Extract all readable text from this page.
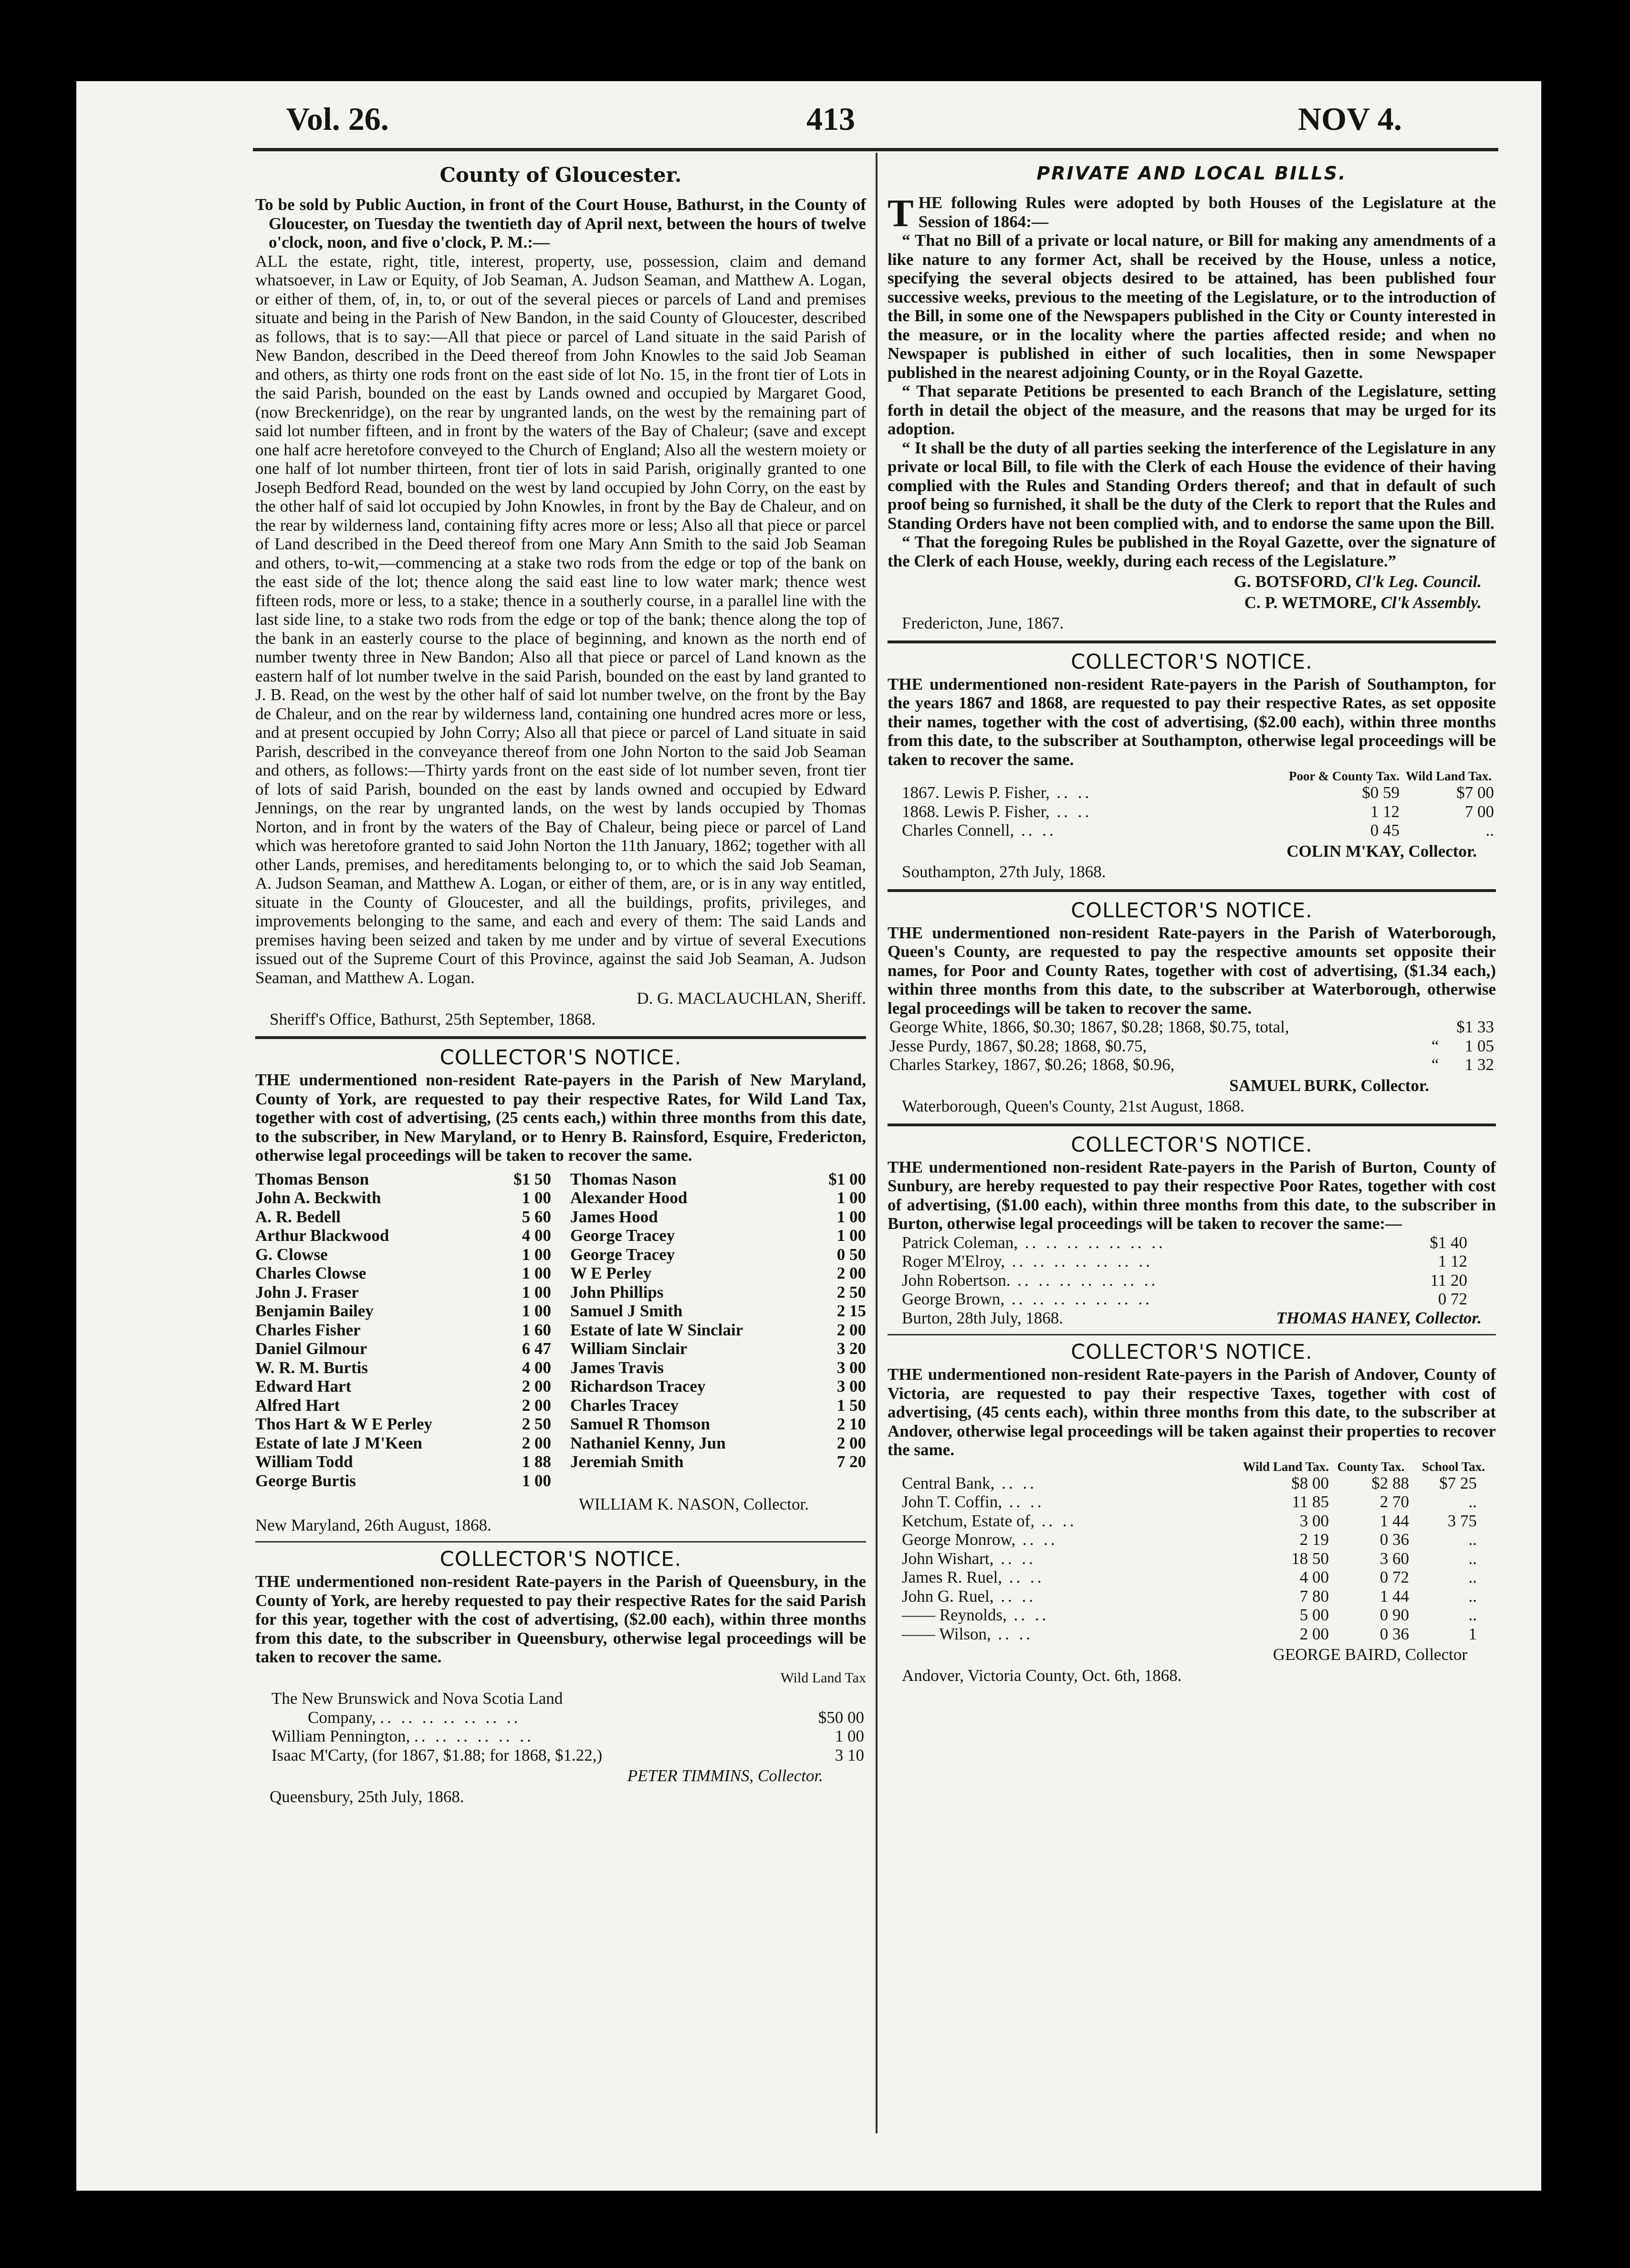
Vol. 26.	413	NOV 4.
County of Gloucester.

To be sold by Public Auction, in front of the Court House, Bathurst, in the County of Gloucester, on Tuesday the twentieth day of April next, between the hours of twelve o'clock, noon, and five o'clock, P. M.:—

ALL the estate, right, title, interest, property, use, possession, claim and demand whatsoever, in Law or Equity, of Job Seaman, A. Judson Seaman, and Matthew A. Logan, or either of them, of, in, to, or out of the several pieces or parcels of Land and premises situate and being in the Parish of New Bandon, in the said County of Gloucester, described as follows, that is to say:—All that piece or parcel of Land situate in the said Parish of New Bandon, described in the Deed thereof from John Knowles to the said Job Seaman and others, as thirty one rods front on the east side of lot No. 15, in the front tier of Lots in the said Parish, bounded on the east by Lands owned and occupied by Margaret Good, (now Breckenridge), on the rear by ungranted lands, on the west by the remaining part of said lot number fifteen, and in front by the waters of the Bay of Chaleur; (save and except one half acre heretofore conveyed to the Church of England; Also all the western moiety or one half of lot number thirteen, front tier of lots in said Parish, originally granted to one Joseph Bedford Read, bounded on the west by land occupied by John Corry, on the east by the other half of said lot occupied by John Knowles, in front by the Bay de Chaleur, and on the rear by wilderness land, containing fifty acres more or less; Also all that piece or parcel of Land described in the Deed thereof from one Mary Ann Smith to the said Job Seaman and others, to-wit,—commencing at a stake two rods from the edge or top of the bank on the east side of the lot; thence along the said east line to low water mark; thence west fifteen rods, more or less, to a stake; thence in a southerly course, in a parallel line with the last side line, to a stake two rods from the edge or top of the bank; thence along the top of the bank in an easterly course to the place of beginning, and known as the north end of number twenty three in New Bandon; Also all that piece or parcel of Land known as the eastern half of lot number twelve in the said Parish, bounded on the east by land granted to J. B. Read, on the west by the other half of said lot number twelve, on the front by the Bay de Chaleur, and on the rear by wilderness land, containing one hundred acres more or less, and at present occupied by John Corry; Also all that piece or parcel of Land situate in said Parish, described in the conveyance thereof from one John Norton to the said Job Seaman and others, as follows:—Thirty yards front on the east side of lot number seven, front tier of lots of said Parish, bounded on the east by lands owned and occupied by Edward Jennings, on the rear by ungranted lands, on the west by lands occupied by Thomas Norton, and in front by the waters of the Bay of Chaleur, being piece or parcel of Land which was heretofore granted to said John Norton the 11th January, 1862; together with all other Lands, premises, and hereditaments belonging to, or to which the said Job Seaman, A. Judson Seaman, and Matthew A. Logan, or either of them, are, or is in any way entitled, situate in the County of Gloucester, and all the buildings, profits, privileges, and improvements belonging to the same, and each and every of them: The said Lands and premises having been seized and taken by me under and by virtue of several Executions issued out of the Supreme Court of this Province, against the said Job Seaman, A. Judson Seaman, and Matthew A. Logan.

D. G. MACLAUCHLAN, Sheriff.

Sheriff's Office, Bathurst, 25th September, 1868.

COLLECTOR'S NOTICE.

THE undermentioned non-resident Rate-payers in the Parish of New Maryland, County of York, are requested to pay their respective Rates, for Wild Land Tax, together with cost of advertising, (25 cents each,) within three months from this date, to the subscriber, in New Maryland, or to Henry B. Rainsford, Esquire, Fredericton, otherwise legal proceedings will be taken to recover the same.

Thomas Benson	$1 50
John A. Beckwith	1 00
A. R. Bedell	5 60
Arthur Blackwood	4 00
G. Clowse	1 00
Charles Clowse	1 00
John J. Fraser	1 00
Benjamin Bailey	1 00
Charles Fisher	1 60
Daniel Gilmour	6 47
W. R. M. Burtis	4 00
Edward Hart	2 00
Alfred Hart	2 00
Thos Hart & W E Perley	2 50
Estate of late J M'Keen	2 00
William Todd	1 88
George Burtis	1 00
Thomas Nason	$1 00
Alexander Hood	1 00
James Hood	1 00
George Tracey	1 00
George Tracey	0 50
W E Perley	2 00
John Phillips	2 50
Samuel J Smith	2 15
Estate of late W Sinclair	2 00
William Sinclair	3 20
James Travis	3 00
Richardson Tracey	3 00
Charles Tracey	1 50
Samuel R Thomson	2 10
Nathaniel Kenny, Jun	2 00
Jeremiah Smith	7 20

WILLIAM K. NASON, Collector.

New Maryland, 26th August, 1868.

COLLECTOR'S NOTICE.

THE undermentioned non-resident Rate-payers in the Parish of Queensbury, in the County of York, are hereby requested to pay their respective Rates for the said Parish for this year, together with the cost of advertising, ($2.00 each), within three months from this date, to the subscriber in Queensbury, otherwise legal proceedings will be taken to recover the same.

Wild Land Tax

The New Brunswick and Nova Scotia Land	
Company, .. .. .. .. .. .. ..	$50 00
William Pennington, .. .. .. .. .. ..	1 00
Isaac M'Carty, (for 1867, $1.88; for 1868, $1.22,)	3 10

PETER TIMMINS, Collector.

Queensbury, 25th July, 1868.

PRIVATE AND LOCAL BILLS.

THE following Rules were adopted by both Houses of the Legislature at the Session of 1864:—

“ That no Bill of a private or local nature, or Bill for making any amendments of a like nature to any former Act, shall be received by the House, unless a notice, specifying the several objects desired to be attained, has been published four successive weeks, previous to the meeting of the Legislature, or to the introduction of the Bill, in some one of the Newspapers published in the City or County interested in the measure, or in the locality where the parties affected reside; and when no Newspaper is published in either of such localities, then in some Newspaper published in the nearest adjoining County, or in the Royal Gazette.

“ That separate Petitions be presented to each Branch of the Legislature, setting forth in detail the object of the measure, and the reasons that may be urged for its adoption.

“ It shall be the duty of all parties seeking the interference of the Legislature in any private or local Bill, to file with the Clerk of each House the evidence of their having complied with the Rules and Standing Orders thereof; and that in default of such proof being so furnished, it shall be the duty of the Clerk to report that the Rules and Standing Orders have not been complied with, and to endorse the same upon the Bill.

“ That the foregoing Rules be published in the Royal Gazette, over the signature of the Clerk of each House, weekly, during each recess of the Legislature.”

G. BOTSFORD, Cl'k Leg. Council.

C. P. WETMORE, Cl'k Assembly.

Fredericton, June, 1867.

COLLECTOR'S NOTICE.

THE undermentioned non-resident Rate-payers in the Parish of Southampton, for the years 1867 and 1868, are requested to pay their respective Rates, as set opposite their names, together with the cost of advertising, ($2.00 each), within three months from this date, to the subscriber at Southampton, otherwise legal proceedings will be taken to recover the same.

	Poor & County Tax.	Wild Land Tax.
1867. Lewis P. Fisher, .. ..	$0 59	$7 00
1868. Lewis P. Fisher, .. ..	1 12	7 00
Charles Connell, .. ..	0 45	..

COLIN M'KAY, Collector.

Southampton, 27th July, 1868.

COLLECTOR'S NOTICE.

THE undermentioned non-resident Rate-payers in the Parish of Waterborough, Queen's County, are requested to pay the respective amounts set opposite their names, for Poor and County Rates, together with cost of advertising, ($1.34 each,) within three months from this date, to the subscriber at Waterborough, otherwise legal proceedings will be taken to recover the same.

George White, 1866, $0.30; 1867, $0.28; 1868, $0.75, total,		$1 33
Jesse Purdy, 1867, $0.28; 1868, $0.75,	“	1 05
Charles Starkey, 1867, $0.26; 1868, $0.96,	“	1 32

SAMUEL BURK, Collector.

Waterborough, Queen's County, 21st August, 1868.

COLLECTOR'S NOTICE.

THE undermentioned non-resident Rate-payers in the Parish of Burton, County of Sunbury, are hereby requested to pay their respective Poor Rates, together with cost of advertising, ($1.00 each), within three months from this date, to the subscriber in Burton, otherwise legal proceedings will be taken to recover the same:—

Patrick Coleman, .. .. .. .. .. .. ..	$1 40
Roger M'Elroy, .. .. .. .. .. .. ..	1 12
John Robertson. .. .. .. .. .. .. ..	11 20
George Brown, .. .. .. .. .. .. ..	0 72
Burton, 28th July, 1868.	THOMAS HANEY, Collector.
COLLECTOR'S NOTICE.

THE undermentioned non-resident Rate-payers in the Parish of Andover, County of Victoria, are requested to pay their respective Taxes, together with cost of advertising, (45 cents each), within three months from this date, to the subscriber at Andover, otherwise legal proceedings will be taken against their properties to recover the same.

	Wild Land Tax.	County Tax.	School Tax.
Central Bank, .. ..	$8 00	$2 88	$7 25
John T. Coffin, .. ..	11 85	2 70	..
Ketchum, Estate of, .. ..	3 00	1 44	3 75
George Monrow, .. ..	2 19	0 36	..
John Wishart, .. ..	18 50	3 60	..
James R. Ruel, .. ..	4 00	0 72	..
John G. Ruel, .. ..	7 80	1 44	..
—— Reynolds, .. ..	5 00	0 90	..
—— Wilson, .. ..	2 00	0 36	1

GEORGE BAIRD, Collector

Andover, Victoria County, Oct. 6th, 1868.
